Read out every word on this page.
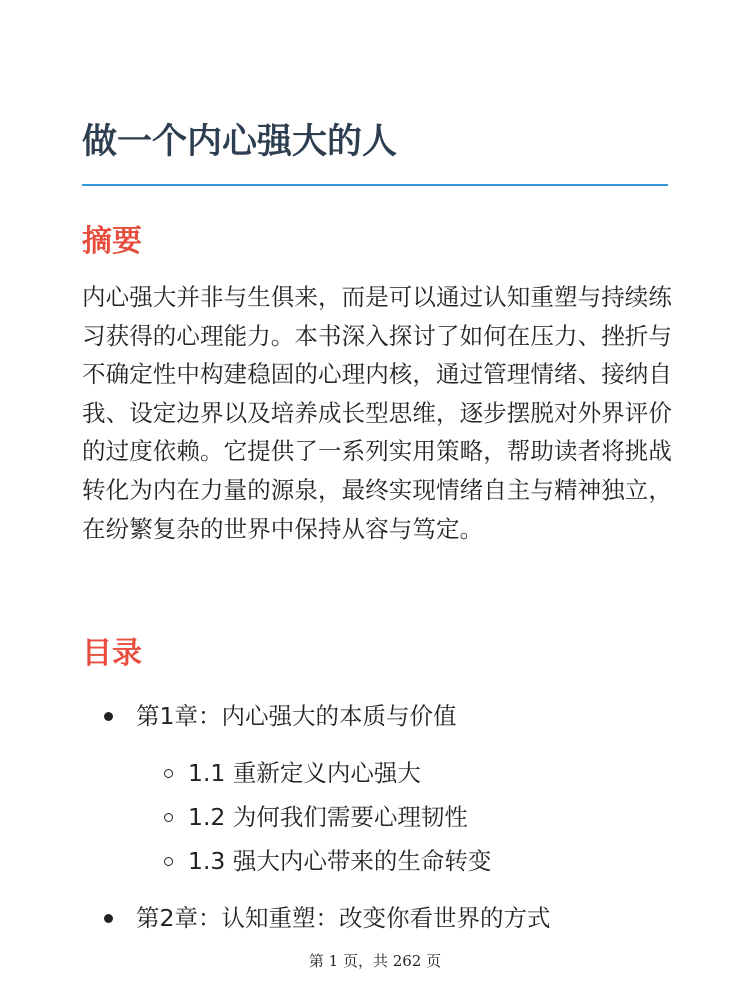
做一个内心强大的人
摘要

内心强大并非与生俱来，而是可以通过认知重塑与持续练习获得的心理能力。本书深入探讨了如何在压力、挫折与不确定性中构建稳固的心理内核，通过管理情绪、接纳自我、设定边界以及培养成长型思维，逐步摆脱对外界评价的过度依赖。它提供了一系列实用策略，帮助读者将挑战转化为内在力量的源泉，最终实现情绪自主与精神独立，在纷繁复杂的世界中保持从容与笃定。

目录
第1章：内心强大的本质与价值
1.1 重新定义内心强大
1.2 为何我们需要心理韧性
1.3 强大内心带来的生命转变
第2章：认知重塑：改变你看世界的方式
第 1 页，共 262 页
